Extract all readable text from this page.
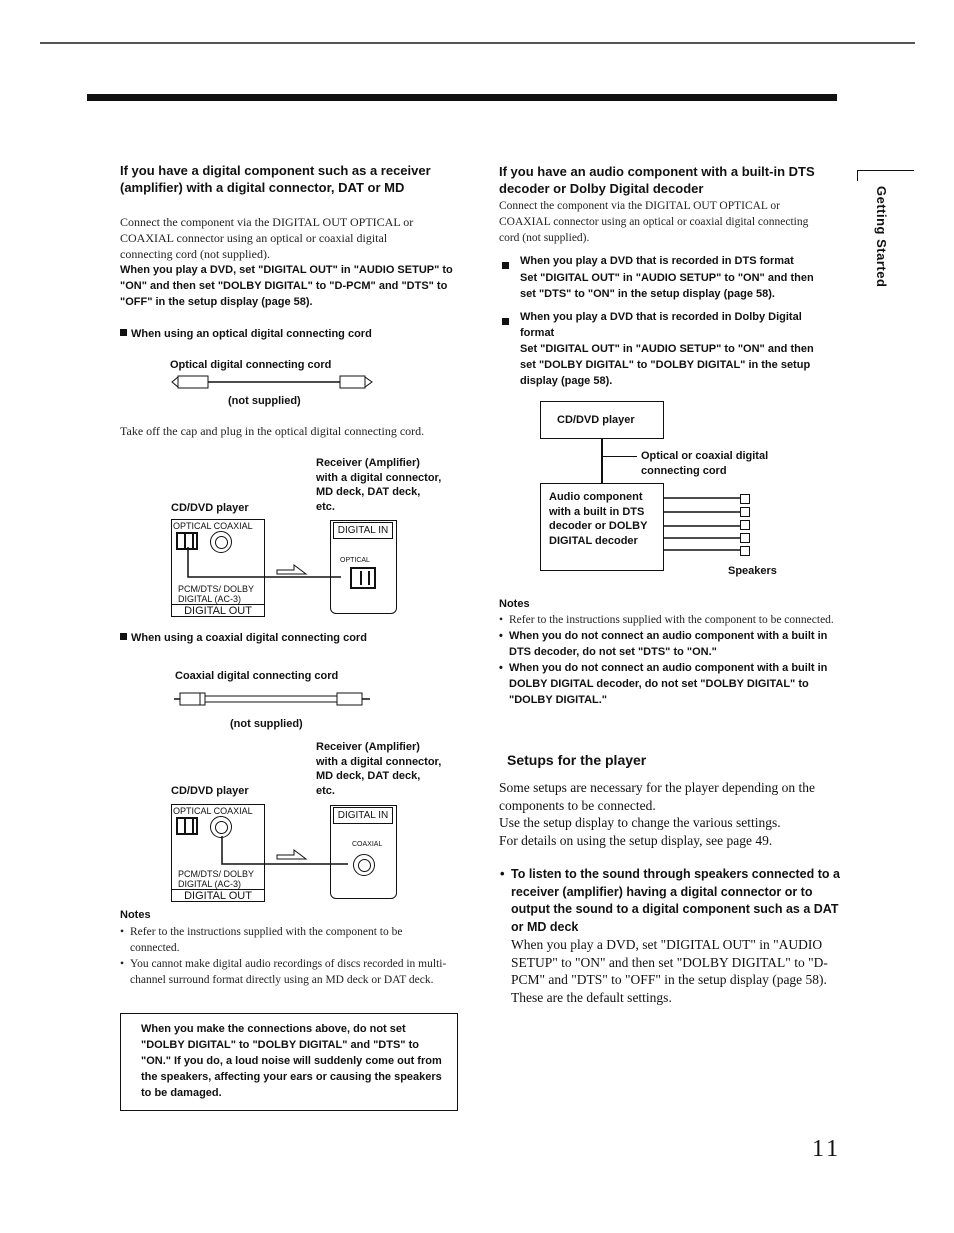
Getting Started
If you have a digital component such as a receiver (amplifier) with a digital connector, DAT or MD
Connect the component via the DIGITAL OUT OPTICAL or COAXIAL connector using an optical or coaxial digital connecting cord (not supplied).
When you play a DVD, set "DIGITAL OUT" in "AUDIO SETUP" to "ON" and then set "DOLBY DIGITAL" to "D-PCM" and "DTS" to "OFF" in the setup display (page 58).
When using an optical digital connecting cord
Optical digital connecting cord
(not supplied)
Take off the cap and plug in the optical digital connecting cord.
Receiver (Amplifier) with a digital connector, MD deck, DAT deck, etc.
CD/DVD player
OPTICAL COAXIAL
PCM/DTS/ DOLBY DIGITAL (AC-3)
DIGITAL OUT
DIGITAL IN
OPTICAL
When using a coaxial digital connecting cord
Coaxial digital connecting cord
(not supplied)
Receiver (Amplifier) with a digital connector, MD deck, DAT deck, etc.
CD/DVD player
OPTICAL COAXIAL
PCM/DTS/ DOLBY DIGITAL (AC-3)
DIGITAL OUT
DIGITAL IN
COAXIAL
Notes
• Refer to the instructions supplied with the component to be connected.
• You cannot make digital audio recordings of discs recorded in multi-channel surround format directly using an MD deck or DAT deck.
When you make the connections above, do not set "DOLBY DIGITAL" to "DOLBY DIGITAL" and "DTS" to "ON." If you do, a loud noise will suddenly come out from the speakers, affecting your ears or causing the speakers to be damaged.
If you have an audio component with a built-in DTS decoder or Dolby Digital decoder
Connect the component via the DIGITAL OUT OPTICAL or COAXIAL connector using an optical or coaxial digital connecting cord (not supplied).
When you play a DVD that is recorded in DTS format
Set "DIGITAL OUT" in "AUDIO SETUP" to "ON" and then set "DTS" to "ON" in the setup display (page 58).
When you play a DVD that is recorded in Dolby Digital format
Set "DIGITAL OUT" in "AUDIO SETUP" to "ON" and then set "DOLBY DIGITAL" to "DOLBY DIGITAL" in the setup display (page 58).
CD/DVD player
Optical or coaxial digital connecting cord
Audio component with a built in DTS decoder or DOLBY DIGITAL decoder
Speakers
Notes
• Refer to the instructions supplied with the component to be connected.
• When you do not connect an audio component with a built in DTS decoder, do not set "DTS" to "ON."
• When you do not connect an audio component with a built in DOLBY DIGITAL decoder, do not set "DOLBY DIGITAL" to "DOLBY DIGITAL."
Setups for the player
Some setups are necessary for the player depending on the components to be connected.
Use the setup display to change the various settings.
For details on using the setup display, see page 49.
• To listen to the sound through speakers connected to a receiver (amplifier) having a digital connector or to output the sound to a digital component such as a DAT or MD deck
When you play a DVD, set "DIGITAL OUT" in "AUDIO SETUP" to "ON" and then set "DOLBY DIGITAL" to "D-PCM" and "DTS" to "OFF" in the setup display (page 58). These are the default settings.
11
